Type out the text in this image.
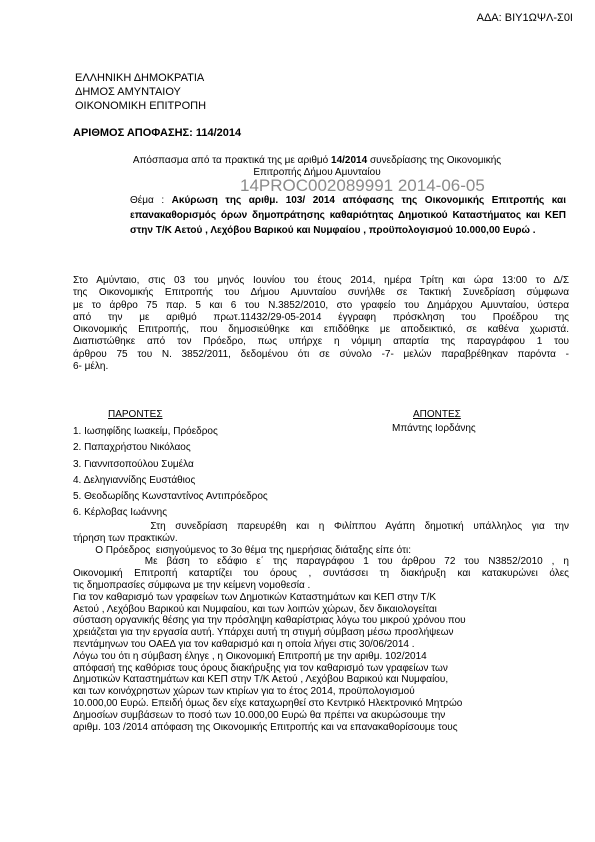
ΑΔΑ: ΒΙΥ1ΩΨΛ-Σ0Ι
ΕΛΛΗΝΙΚΗ ΔΗΜΟΚΡΑΤΙΑ
ΔΗΜΟΣ ΑΜΥΝΤΑΙΟΥ
ΟΙΚΟΝΟΜΙΚΗ ΕΠΙΤΡΟΠΗ
ΑΡΙΘΜΟΣ ΑΠΟΦΑΣΗΣ: 114/2014
Απόσπασμα από τα πρακτικά της με αριθμό 14/2014 συνεδρίασης της Οικονομικής
Επιτροπής Δήμου Αμυνταίου
14PROC002089991 2014-06-05
Θέμα : Ακύρωση της αριθμ. 103/ 2014 απόφασης της Οικονομικής Επιτροπής και επανακαθορισμός όρων δημοπράτησης καθαριότητας Δημοτικού Καταστήματος και ΚΕΠ στην Τ/Κ Αετού , Λεχόβου Βαρικού και Νυμφαίου , προϋπολογισμού 10.000,00 Ευρώ .

Στο Αμύνταιο, στις 03 του μηνός Ιουνίου του έτους 2014, ημέρα Τρίτη και ώρα 13:00 το Δ/Σ

της Οικονομικής Επιτροπής του Δήμου Αμυνταίου συνήλθε σε Τακτική Συνεδρίαση σύμφωνα

με το άρθρο 75 παρ. 5 και 6 του Ν.3852/2010, στο γραφείο του Δημάρχου Αμυνταίου, ύστερα

από την με αριθμό πρωτ.11432/29-05-2014 έγγραφη πρόσκληση του Προέδρου της

Οικονομικής Επιτροπής, που δημοσιεύθηκε και επιδόθηκε με αποδεικτικό, σε καθένα χωριστά.

Διαπιστώθηκε από τον Πρόεδρο, πως υπήρχε η νόμιμη απαρτία της παραγράφου 1 του

άρθρου 75 του Ν. 3852/2011, δεδομένου ότι σε σύνολο -7- μελών παραβρέθηκαν παρόντα -

6- μέλη.

ΠΑΡΟΝΤΕΣ	ΑΠΟΝΤΕΣ
Μπάντης Ιορδάνης
1. Ιωσηφίδης Ιωακείμ, Πρόεδρος
2. Παπαχρήστου Νικόλαος
3. Γιαννιτσοπούλου Συμέλα
4. Δεληγιαννίδης Ευστάθιος
5. Θεοδωρίδης Κωνσταντίνος Αντιπρόεδρος
6. Κέρλοβας Ιωάννης

Στη συνεδρίαση παρευρέθη και η Φιλίππου Αγάπη δημοτική υπάλληλος για την

τήρηση των πρακτικών.

Ο Πρόεδρος  εισηγούμενος το 3ο θέμα της ημερήσιας διάταξης είπε ότι:

Με βάση το εδάφιο ε΄ της παραγράφου 1 του άρθρου 72 του Ν3852/2010 , η

Οικονομική Επιτροπή καταρτίζει του όρους , συντάσσει τη διακήρυξη και κατακυρώνει όλες

τις δημοπρασίες σύμφωνα με την κείμενη νομοθεσία .

Για τον καθαρισμό των γραφείων των Δημοτικών Καταστημάτων και ΚΕΠ στην Τ/Κ

Αετού , Λεχόβου Βαρικού και Νυμφαίου, και των λοιπών χώρων, δεν δικαιολογείται

σύσταση οργανικής θέσης για την πρόσληψη καθαρίστριας λόγω του μικρού χρόνου που

χρειάζεται για την εργασία αυτή. Υπάρχει αυτή τη στιγμή σύμβαση μέσω προσλήψεων

πεντάμηνων του ΟΑΕΔ για τον καθαρισμό και η οποία λήγει στις 30/06/2014 .

Λόγω του ότι η σύμβαση έληγε , η Οικονομική Επιτροπή με την αριθμ. 102/2014

απόφασή της καθόρισε τους όρους διακήρυξης για τον καθαρισμό των γραφείων των

Δημοτικών Καταστημάτων και ΚΕΠ στην Τ/Κ Αετού , Λεχόβου Βαρικού και Νυμφαίου,

και των κοινόχρηστων χώρων των κτιρίων για το έτος 2014, προϋπολογισμού

10.000,00 Ευρώ. Επειδή όμως δεν είχε καταχωρηθεί στο Κεντρικό Ηλεκτρονικό Μητρώο

Δημοσίων συμβάσεων το ποσό των 10.000,00 Ευρώ θα πρέπει να ακυρώσουμε την

αριθμ. 103 /2014 απόφαση της Οικονομικής Επιτροπής και να επανακαθορίσουμε τους
